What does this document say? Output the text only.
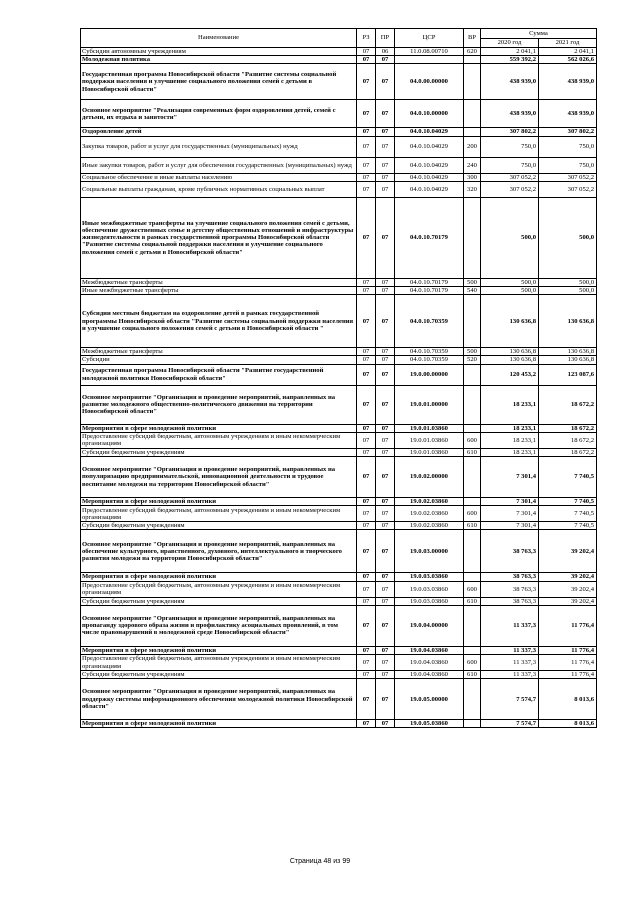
Наименование	РЗ	ПР	ЦСР	ВР	Сумма	
					2020 год	2021 год
Субсидии автономным учреждениям	07	06	11.0.08.00710	620	2 041,1	2 041,1
Молодежная политика	07	07			559 392,2	562 026,6
Государственная программа Новосибирской области "Развитие системы социальной поддержки населения и улучшение социального положения семей с детьми в Новосибирской области"	07	07	04.0.00.00000		438 939,0	438 939,0
Основное мероприятие "Реализация современных форм оздоровления детей, семей с детьми, их отдыха и занятости"	07	07	04.0.10.00000		438 939,0	438 939,0
Оздоровление детей	07	07	04.0.10.04029		307 802,2	307 802,2
Закупка товаров, работ и услуг для государственных (муниципальных) нужд	07	07	04.0.10.04029	200	750,0	750,0
Иные закупки товаров, работ и услуг для обеспечения государственных (муниципальных) нужд	07	07	04.0.10.04029	240	750,0	750,0
Социальное обеспечение и иные выплаты населению	07	07	04.0.10.04029	300	307 052,2	307 052,2
Социальные выплаты гражданам, кроме публичных нормативных социальных выплат	07	07	04.0.10.04029	320	307 052,2	307 052,2
Иные межбюджетные трансферты на улучшение социального положения семей с детьми, обеспечение дружественных семье и детству общественных отношений и инфраструктуры жизнедеятельности в рамках государственной программы Новосибирской области "Развитие системы социальной поддержки населения и улучшение социального положения семей с детьми в Новосибирской области"	07	07	04.0.10.70179		500,0	500,0
Межбюджетные трансферты	07	07	04.0.10.70179	500	500,0	500,0
Иные межбюджетные трансферты	07	07	04.0.10.70179	540	500,0	500,0
Субсидии местным бюджетам на оздоровление детей в рамках государственной программы Новосибирской области "Развитие системы социальной поддержки населения и улучшение социального положения семей с детьми в Новосибирской области "	07	07	04.0.10.70359		130 636,8	130 636,8
Межбюджетные трансферты	07	07	04.0.10.70359	500	130 636,8	130 636,8
Субсидии	07	07	04.0.10.70359	520	130 636,8	130 636,8
Государственная программа Новосибирской области "Развитие государственной молодежной политики Новосибирской области"	07	07	19.0.00.00000		120 453,2	123 087,6
Основное мероприятие "Организация и проведение мероприятий, направленных на развитие молодежного общественно-политического движения на территории Новосибирской области"	07	07	19.0.01.00000		18 233,1	18 672,2
Мероприятия в сфере молодежной политики	07	07	19.0.01.03860		18 233,1	18 672,2
Предоставление субсидий бюджетным, автономным учреждениям и иным некоммерческим организациям	07	07	19.0.01.03860	600	18 233,1	18 672,2
Субсидии бюджетным учреждениям	07	07	19.0.01.03860	610	18 233,1	18 672,2
Основное мероприятие "Организация и проведение мероприятий, направленных на популяризацию предпринимательской, инновационной деятельности и трудовое воспитание молодежи на территории Новосибирской области"	07	07	19.0.02.00000		7 301,4	7 740,5
Мероприятия в сфере молодежной политики	07	07	19.0.02.03860		7 301,4	7 740,5
Предоставление субсидий бюджетным, автономным учреждениям и иным некоммерческим организациям	07	07	19.0.02.03860	600	7 301,4	7 740,5
Субсидии бюджетным учреждениям	07	07	19.0.02.03860	610	7 301,4	7 740,5
Основное мероприятие "Организация и проведение мероприятий, направленных на обеспечение культурного, нравственного, духовного, интеллектуального и творческого развития молодежи на территории Новосибирской области"	07	07	19.0.03.00000		38 763,3	39 202,4
Мероприятия в сфере молодежной политики	07	07	19.0.03.03860		38 763,3	39 202,4
Предоставление субсидий бюджетным, автономным учреждениям и иным некоммерческим организациям	07	07	19.0.03.03860	600	38 763,3	39 202,4
Субсидии бюджетным учреждениям	07	07	19.0.03.03860	610	38 763,3	39 202,4
Основное мероприятие "Организация и проведение мероприятий, направленных на пропаганду здорового образа жизни и профилактику асоциальных проявлений, в том числе правонарушений в молодежной среде Новосибирской области"	07	07	19.0.04.00000		11 337,3	11 776,4
Мероприятия в сфере молодежной политики	07	07	19.0.04.03860		11 337,3	11 776,4
Предоставление субсидий бюджетным, автономным учреждениям и иным некоммерческим организациям	07	07	19.0.04.03860	600	11 337,3	11 776,4
Субсидии бюджетным учреждениям	07	07	19.0.04.03860	610	11 337,3	11 776,4
Основное мероприятие "Организация и проведение мероприятий, направленных на поддержку системы информационного обеспечения молодежной политики Новосибирской области"	07	07	19.0.05.00000		7 574,7	8 013,6
Мероприятия в сфере молодежной политики	07	07	19.0.05.03860		7 574,7	8 013,6
Страница 48 из 99
